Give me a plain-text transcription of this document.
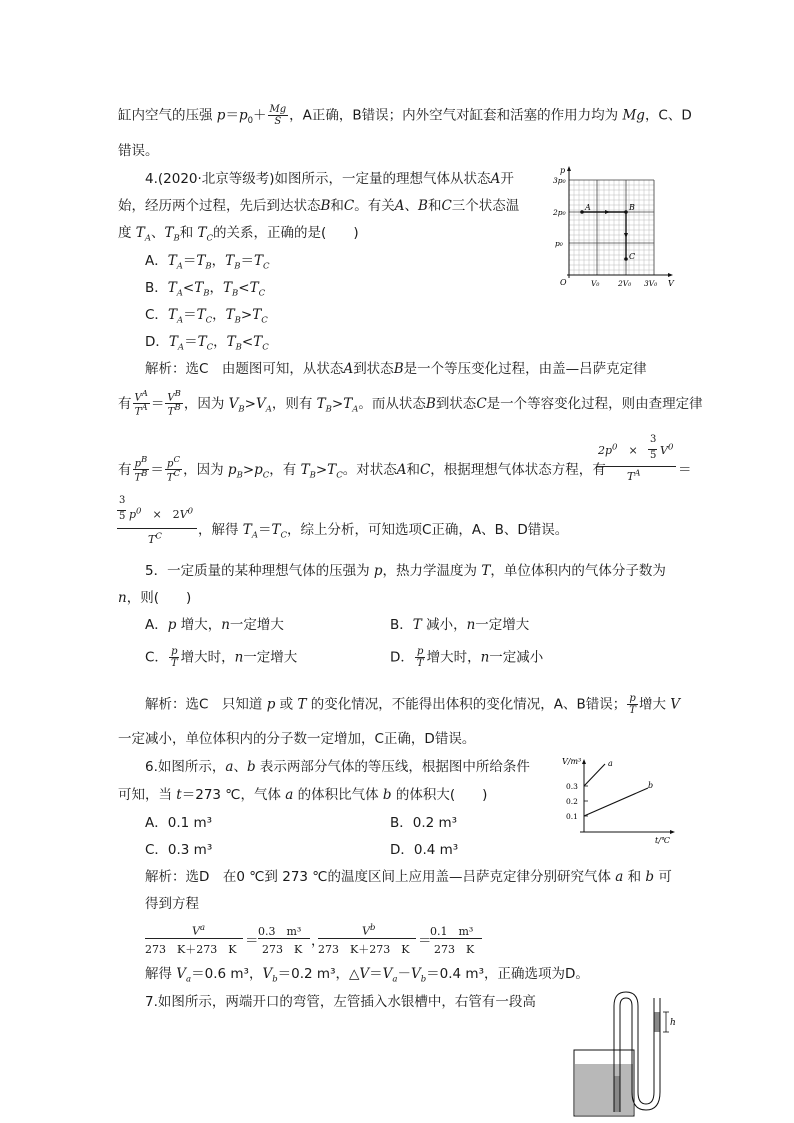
缸内空气的压强 $p=p_0+ \frac{Mg}{S}$ ，A正确，B错误；内外空气对缸套和活塞的作用力均为 Mg，C、D
错误。
4.(2020·北京等级考)如图所示，一定量的理想气体从状态A开
始，经历两个过程，先后到达状态B和C。有关A、B和C三个状态温
度 $T_A$、$T_B$和 $T_C$的关系，正确的是(　　)
A．$T_A=T_B$，$T_B=T_C$
B．$T_A<T_B$，$T_B<T_C$
C．$T_A=T_C$，$T_B>T_C$
D．$T_A=T_C$，$T_B<T_C$
A	B
C
p
V
O
3p₀
2p₀
p₀
V₀ 2V₀ 3V₀
解析：选C　由题图可知，从状态A到状态B是一个等压变化过程，由盖—吕萨克定律
有 $\frac{V^A}{T^A} = \frac{V^B}{T^B}$ ，因为 $V_B>V_A$，则有 $T_B>T_A$。而从状态B到状态C是一个等容变化过程，则由查理定律
有 $\frac{p^B}{T^B} = \frac{p^C}{T^C}$ ，因为 $p_B>p_C$，有 $T_B>T_C$。对状态A和C，根据理想气体状态方程，有
$2p^0$　×　
3
5 $V^0$
$T^A$	＝
3
5 $p^0$　×　$2V^0$
$T^C$	，解得 $T_A=T_C$，综上分析，可知选项C正确，A、B、D错误。
5．一定质量的某种理想气体的压强为 p，热力学温度为 T，单位体积内的气体分子数为
n，则(　　)
A．p 增大，n一定增大	B．T 减小，n一定增大
C． $\frac{p}{T}$ 增大时，n一定增大	D． $\frac{p}{T}$ 增大时，n一定减小
解析：选C　只知道 p 或 T 的变化情况，不能得出体积的变化情况，A、B错误； $\frac{p}{T}$ 增大 V
一定减小，单位体积内的分子数一定增加，C正确，D错误。
6.如图所示，a、b 表示两部分气体的等压线，根据图中所给条件
可知，当 t＝273 ℃，气体 a 的体积比气体 b 的体积大(　　)
A．0.1 m³	B．0.2 m³
C．0.3 m³	D．0.4 m³
V/m³
t/℃
0.3
0.2
0.1
a
b
解析：选D　在0 ℃到 273 ℃的温度区间上应用盖—吕萨克定律分别研究气体 a 和 b 可
得到方程
$V^a$
273　K＋273　K
＝
0.3　m³
273　K
，
$V^b$
273　K＋273　K
＝
0.1　m³
273　K
解得 $V_a=0.6$ m³，$V_b=0.2$ m³，$\triangle V=V_a-V_b=0.4$ m³，正确选项为D。
7.如图所示，两端开口的弯管，左管插入水银槽中，右管有一段高
h
